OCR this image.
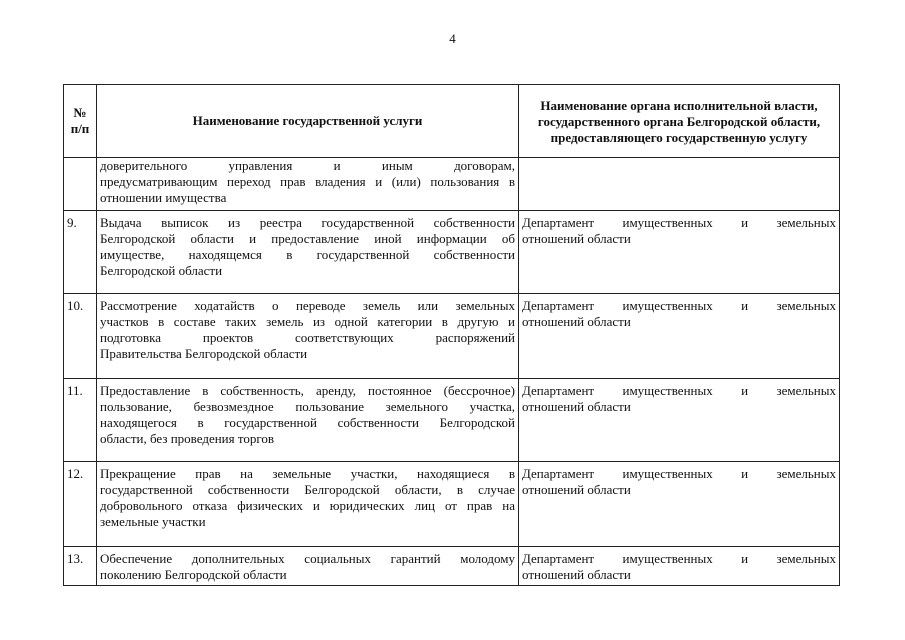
4
№ п/п	Наименование государственной услуги	Наименование органа исполнительной власти, государственного органа Белгородской области, предоставляющего государственную услугу

	доверительного управления и иным договорам,
предусматривающим переход прав владения и (или) пользования в
отношении имущества	

9.	Выдача выписок из реестра государственной собственности
Белгородской области и предоставление иной информации об
имуществе, находящемся в государственной собственности
Белгородской области	Департамент имущественных и земельных
отношений области

10.	Рассмотрение ходатайств о переводе земель или земельных
участков в составе таких земель из одной категории в другую и
подготовка проектов соответствующих распоряжений
Правительства Белгородской области	Департамент имущественных и земельных
отношений области

11.	Предоставление в собственность, аренду, постоянное (бессрочное)
пользование, безвозмездное пользование земельного участка,
находящегося в государственной собственности Белгородской
области, без проведения торгов	Департамент имущественных и земельных
отношений области

12.	Прекращение прав на земельные участки, находящиеся в
государственной собственности Белгородской области, в случае
добровольного отказа физических и юридических лиц от прав на
земельные участки	Департамент имущественных и земельных
отношений области

13.	Обеспечение дополнительных социальных гарантий молодому
поколению Белгородской области	Департамент имущественных и земельных
отношений области
